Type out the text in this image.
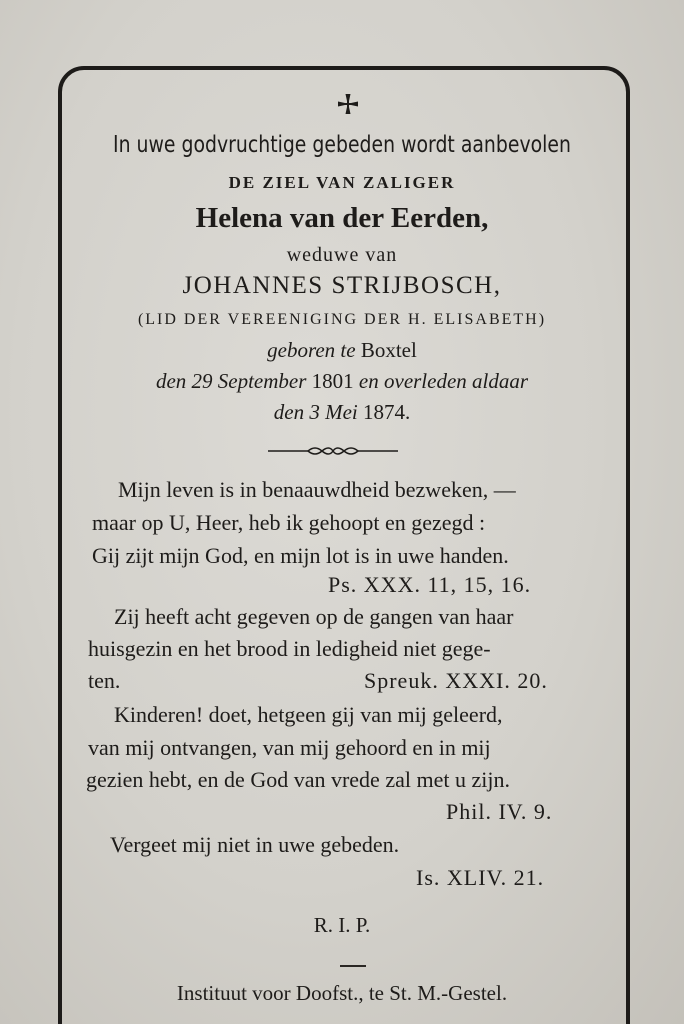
In uwe godvruchtige gebeden wordt aanbevolen
DE ZIEL VAN ZALIGER
Helena van der Eerden,
weduwe van
JOHANNES STRIJBOSCH,
(LID DER VEREENIGING DER H. ELISABETH)
geboren te Boxtel
den 29 September 1801 en overleden aldaar
den 3 Mei 1874.
Mijn leven is in benaauwdheid bezweken, —
maar op U, Heer, heb ik gehoopt en gezegd :
Gij zijt mijn God, en mijn lot is in uwe handen.
Ps. XXX. 11, 15, 16.
Zij heeft acht gegeven op de gangen van haar
huisgezin en het brood in ledigheid niet gege-
ten.	Spreuk. XXXI. 20.
Kinderen! doet, hetgeen gij van mij geleerd,
van mij ontvangen, van mij gehoord en in mij
gezien hebt, en de God van vrede zal met u zijn.
Phil. IV. 9.
Vergeet mij niet in uwe gebeden.
Is. XLIV. 21.
R. I. P.
Instituut voor Doofst., te St. M.-Gestel.
